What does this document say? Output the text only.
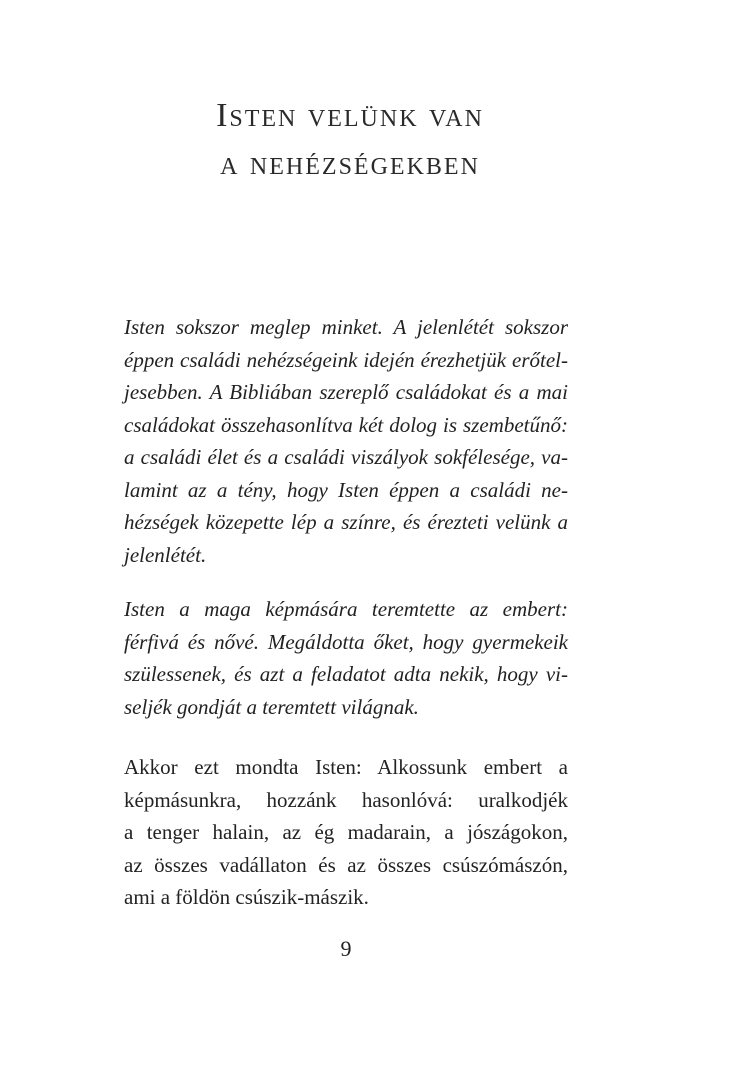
Isten velünk van
a nehézségekben
Isten sokszor meglep minket. A jelenlétét sokszor
éppen családi nehézségeink idején érezhetjük erőtel-
jesebben. A Bibliában szereplő családokat és a mai
családokat összehasonlítva két dolog is szembetűnő:
a családi élet és a családi viszályok sokfélesége, va-
lamint az a tény, hogy Isten éppen a családi ne-
hézségek közepette lép a színre, és érezteti velünk a
jelenlétét.
Isten a maga képmására teremtette az embert:
férfivá és nővé. Megáldotta őket, hogy gyermekeik
szülessenek, és azt a feladatot adta nekik, hogy vi-
seljék gondját a teremtett világnak.
Akkor ezt mondta Isten: Alkossunk embert a
képmásunkra, hozzánk hasonlóvá: uralkodjék
a tenger halain, az ég madarain, a jószágokon,
az összes vadállaton és az összes csúszómászón,
ami a földön csúszik-mászik.
9
